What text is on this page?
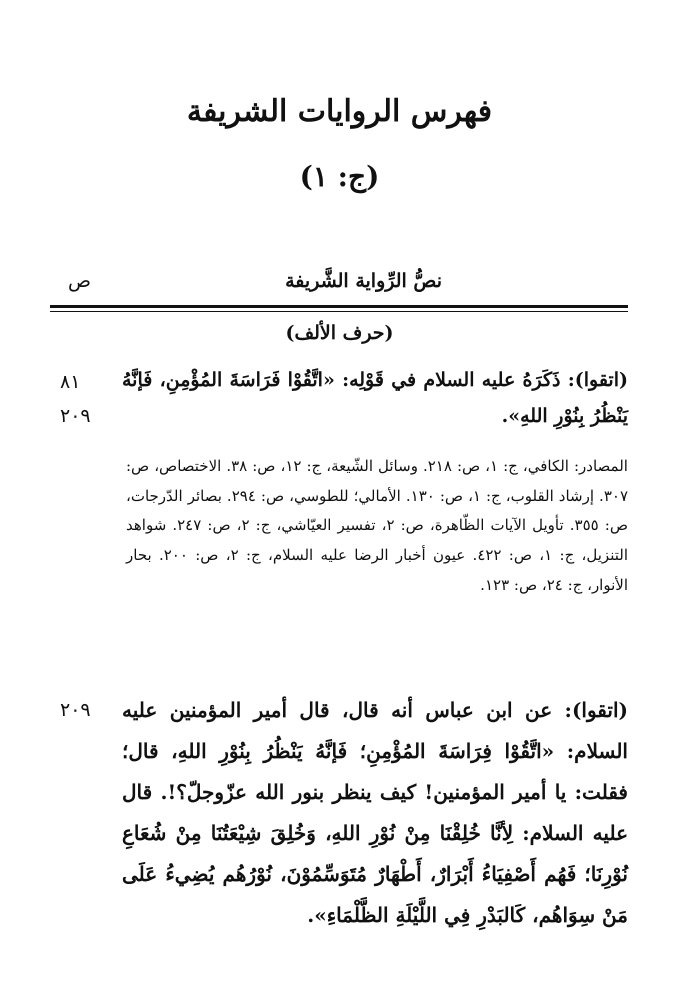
فهرس الروايات الشريفة
(ج: ١)
نصُّ الرِّواية الشَّريفة
ص
(حرف الألف)
٨١
٢٠٩
(اتقوا): ذَكَرَهُ عليه السلام في قَوْلِه: «اتَّقُوْا فَرَاسَةَ المُؤْمِنِ، فَإنَّهُ يَنْظُرُ بِنُوْرِ اللهِ».
المصادر: الكافي، ج: ١، ص: ٢١٨. وسائل الشّيعة، ج: ١٢، ص: ٣٨. الاختصاص، ص: ٣٠٧. إرشاد القلوب، ج: ١، ص: ١٣٠. الأمالي؛ للطوسي، ص: ٢٩٤. بصائر الدّرجات، ص: ٣٥٥. تأويل الآيات الظّاهرة، ص: ٢، تفسير العيّاشي، ج: ٢، ص: ٢٤٧. شواهد التنزيل، ج: ١، ص: ٤٢٢. عيون أخبار الرضا عليه السلام، ج: ٢، ص: ٢٠٠. بحار الأنوار، ج: ٢٤، ص: ١٢٣.
٢٠٩	(اتقوا): عن ابن عباس أنه قال، قال أمير المؤمنين عليه السلام: «اتَّقُوْا فِرَاسَةَ المُؤْمِنِ؛ فَإنَّهُ يَنْظُرُ بِنُوْرِ اللهِ، قال؛ فقلت: يا أمير المؤمنين! كيف ينظر بنور الله عزّوجلّ؟!. قال عليه السلام: لِأنَّا خُلِقْنَا مِنْ نُوْرِ اللهِ، وَخُلِقَ شِيْعَتُنَا مِنْ شُعَاعِ نُوْرِنَا؛ فَهُم أَصْفِيَاءُ أَبْرَارٌ، أَطْهَارٌ مُتَوَسِّمُوْنَ، نُوْرُهُم يُضِيءُ عَلَى مَنْ سِوَاهُم، كَالبَدْرِ فِي اللَّيْلَةِ الظَّلْمَاءِ».
